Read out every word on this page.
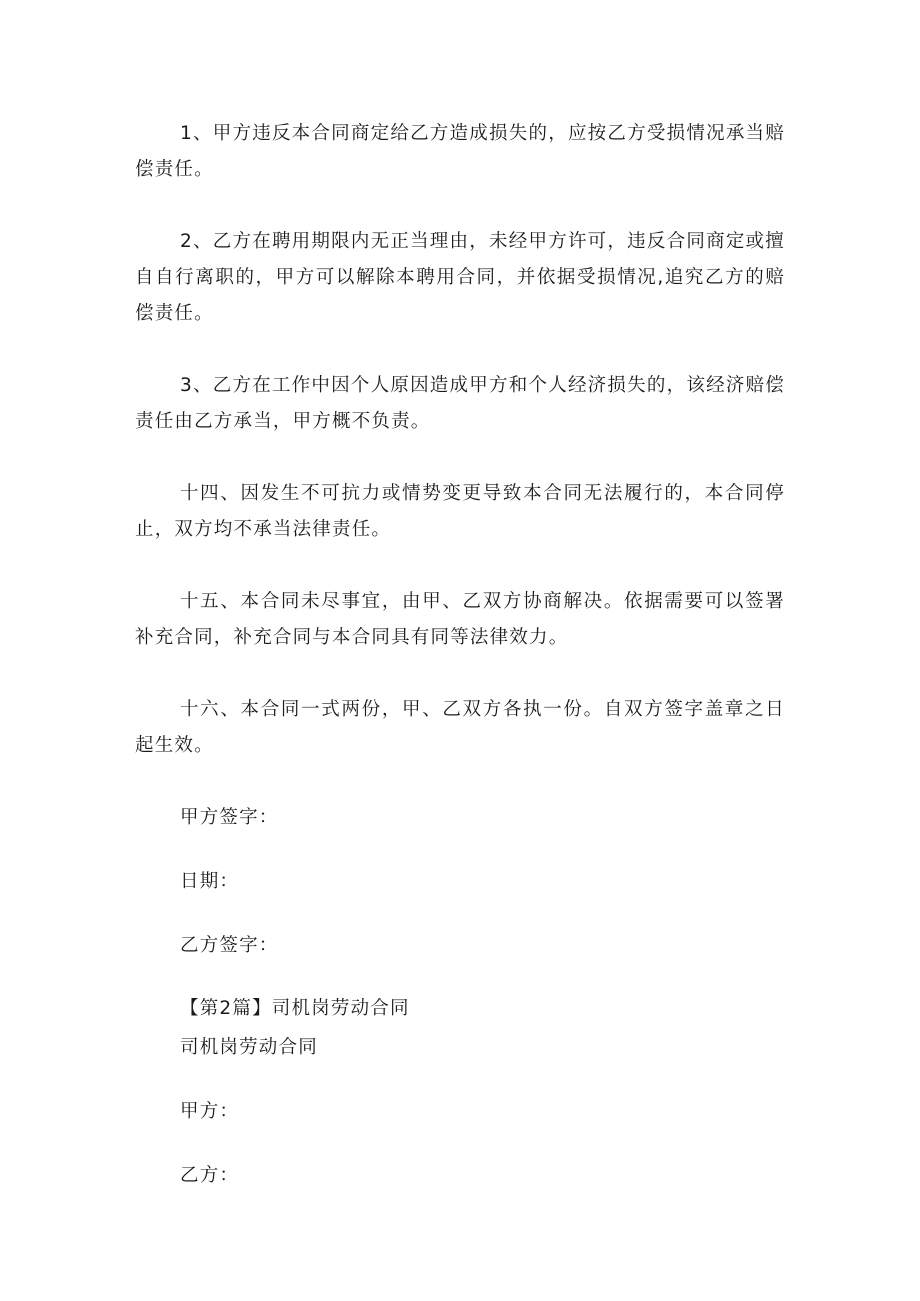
1、甲方违反本合同商定给乙方造成损失的，应按乙方受损情况承当赔偿责任。

2、乙方在聘用期限内无正当理由，未经甲方许可，违反合同商定或擅自自行离职的，甲方可以解除本聘用合同，并依据受损情况,追究乙方的赔偿责任。

3、乙方在工作中因个人原因造成甲方和个人经济损失的，该经济赔偿责任由乙方承当，甲方概不负责。

十四、因发生不可抗力或情势变更导致本合同无法履行的，本合同停止，双方均不承当法律责任。

十五、本合同未尽事宜，由甲、乙双方协商解决。依据需要可以签署补充合同，补充合同与本合同具有同等法律效力。

十六、本合同一式两份，甲、乙双方各执一份。自双方签字盖章之日起生效。

甲方签字：

日期：

乙方签字：

【第2篇】司机岗劳动合同

司机岗劳动合同

甲方：

乙方：
